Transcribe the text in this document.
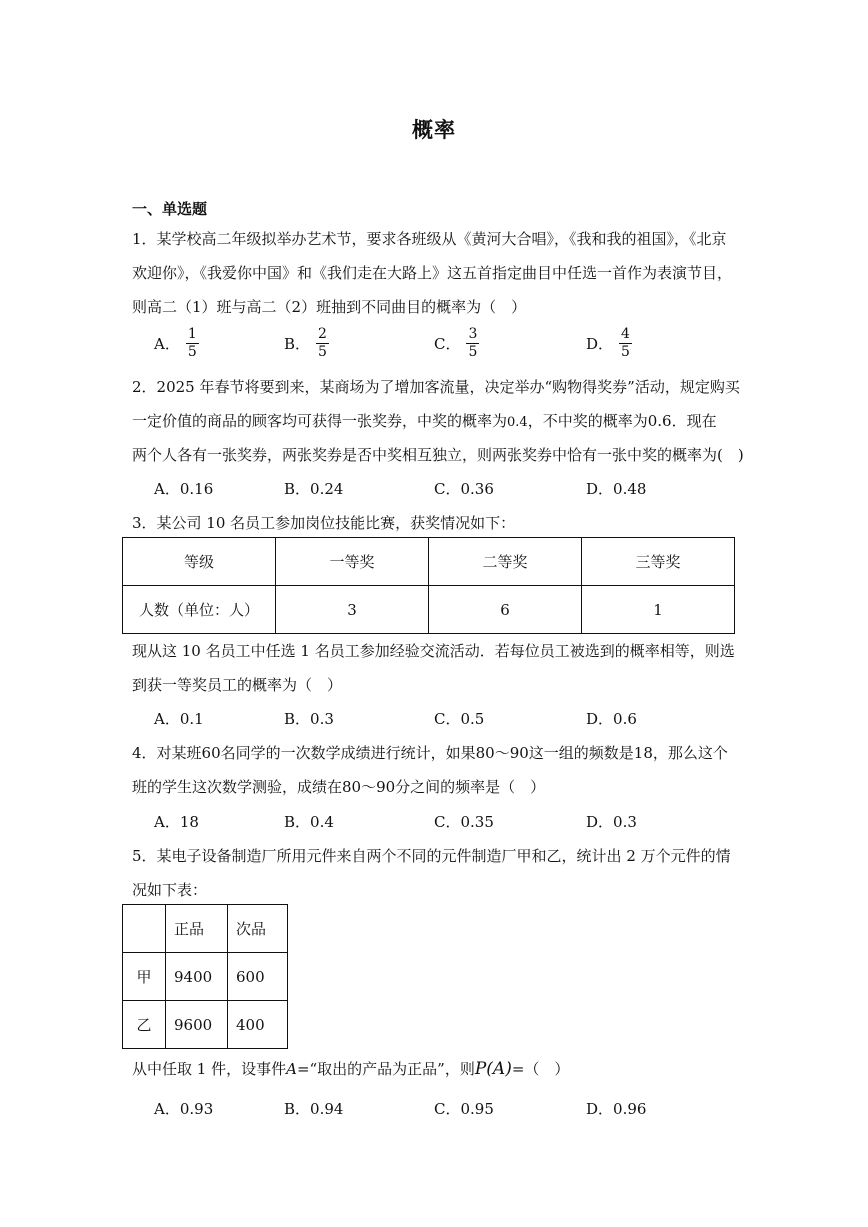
概率
一、单选题
1．某学校高二年级拟举办艺术节，要求各班级从《黄河大合唱》，《我和我的祖国》，《北京
欢迎你》，《我爱你中国》和《我们走在大路上》这五首指定曲目中任选一首作为表演节目，
则高二（1）班与高二（2）班抽到不同曲目的概率为（　）
A． $\frac{1}{5}$	B． $\frac{2}{5}$	C． $\frac{3}{5}$	D． $\frac{4}{5}$
2．2025 年春节将要到来，某商场为了增加客流量，决定举办“购物得奖券”活动，规定购买
一定价值的商品的顾客均可获得一张奖券，中奖的概率为0.4，不中奖的概率为0.6．现在
两个人各有一张奖券，两张奖券是否中奖相互独立，则两张奖券中恰有一张中奖的概率为(　)
A．0.16	B．0.24	C．0.36	D．0.48
3．某公司 10 名员工参加岗位技能比赛，获奖情况如下：
等级	一等奖	二等奖	三等奖
人数（单位：人）	3	6	1
现从这 10 名员工中任选 1 名员工参加经验交流活动．若每位员工被选到的概率相等，则选
到获一等奖员工的概率为（　）
A．0.1	B．0.3	C．0.5	D．0.6
4．对某班60名同学的一次数学成绩进行统计，如果80～90这一组的频数是18，那么这个
班的学生这次数学测验，成绩在80～90分之间的频率是（　）
A．18	B．0.4	C．0.35	D．0.3
5．某电子设备制造厂所用元件来自两个不同的元件制造厂甲和乙，统计出 2 万个元件的情
况如下表：
	正品	次品
甲	9400	600
乙	9600	400
从中任取 1 件，设事件A=“取出的产品为正品”，则P(A)=（　）
A．0.93	B．0.94	C．0.95	D．0.96
